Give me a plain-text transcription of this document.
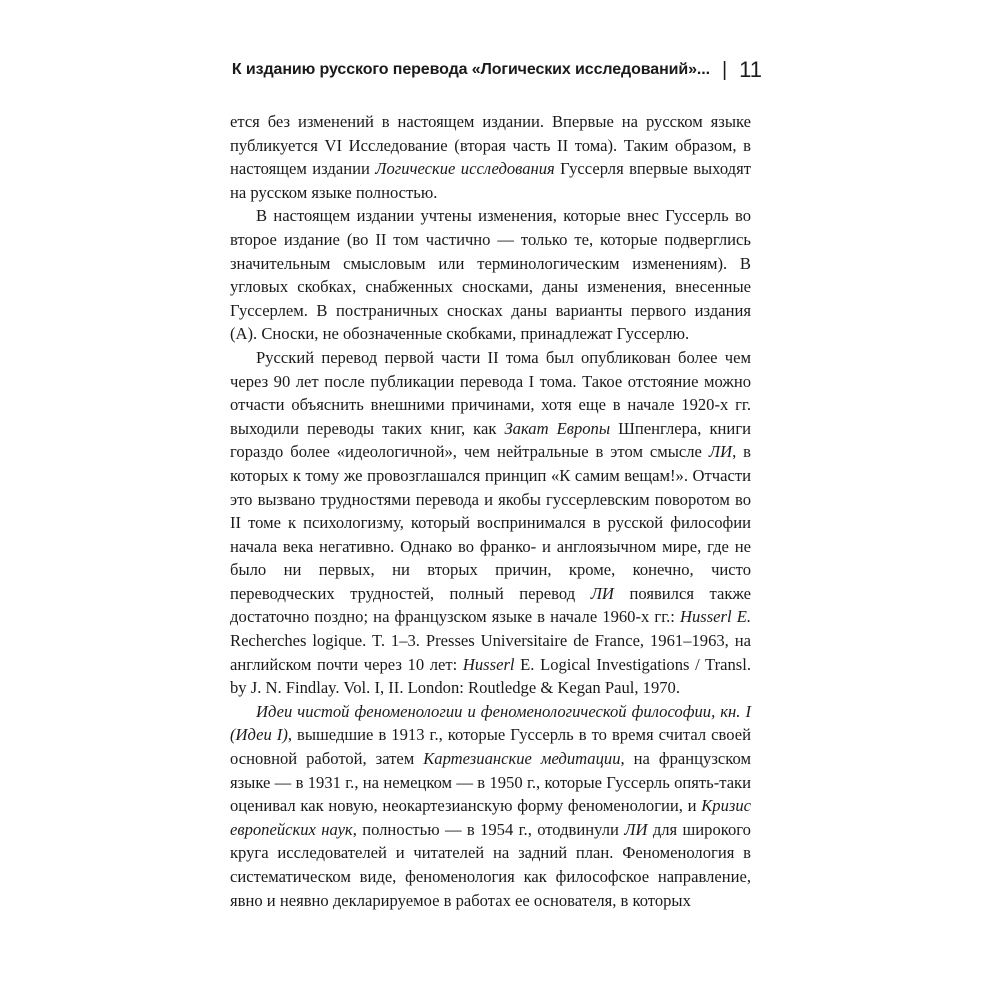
К изданию русского перевода «Логических исследований»... | 11

ется без изменений в настоящем издании. Впервые на русском языке публикуется VI Исследование (вторая часть II тома). Таким образом, в настоящем издании Логические исследования Гуссерля впервые выходят на русском языке полностью.

В настоящем издании учтены изменения, которые внес Гуссерль во второе издание (во II том частично — только те, которые подверглись значительным смысловым или терминологическим изменениям). В угловых скобках, снабженных сносками, даны изменения, внесенные Гуссерлем. В постраничных сносках даны варианты первого издания (А). Сноски, не обозначенные скобками, принадлежат Гуссерлю.

Русский перевод первой части II тома был опубликован более чем через 90 лет после публикации перевода I тома. Такое отстояние можно отчасти объяснить внешними причинами, хотя еще в начале 1920-х гг. выходили переводы таких книг, как Закат Европы Шпенглера, книги гораздо более «идеологичной», чем нейтральные в этом смысле ЛИ, в которых к тому же провозглашался принцип «К самим вещам!». Отчасти это вызвано трудностями перевода и якобы гуссерлевским поворотом во II томе к психологизму, который воспринимался в русской философии начала века негативно. Однако во франко- и англоязычном мире, где не было ни первых, ни вторых причин, кроме, конечно, чисто переводческих трудностей, полный перевод ЛИ появился также достаточно поздно; на французском языке в начале 1960-х гг.: Husserl E. Recherches logique. T. 1–3. Presses Universitaire de France, 1961–1963, на английском почти через 10 лет: Husserl E. Logical Investigations / Transl. by J. N. Findlay. Vol. I, II. London: Routledge & Kegan Paul, 1970.

Идеи чистой феноменологии и феноменологической философии, кн. I (Идеи I), вышедшие в 1913 г., которые Гуссерль в то время считал своей основной работой, затем Картезианские медитации, на французском языке — в 1931 г., на немецком — в 1950 г., которые Гуссерль опять-таки оценивал как новую, неокартезианскую форму феноменологии, и Кризис европейских наук, полностью — в 1954 г., отодвинули ЛИ для широкого круга исследователей и читателей на задний план. Феноменология в систематическом виде, феноменология как философское направление, явно и неявно декларируемое в работах ее основателя, в которых
